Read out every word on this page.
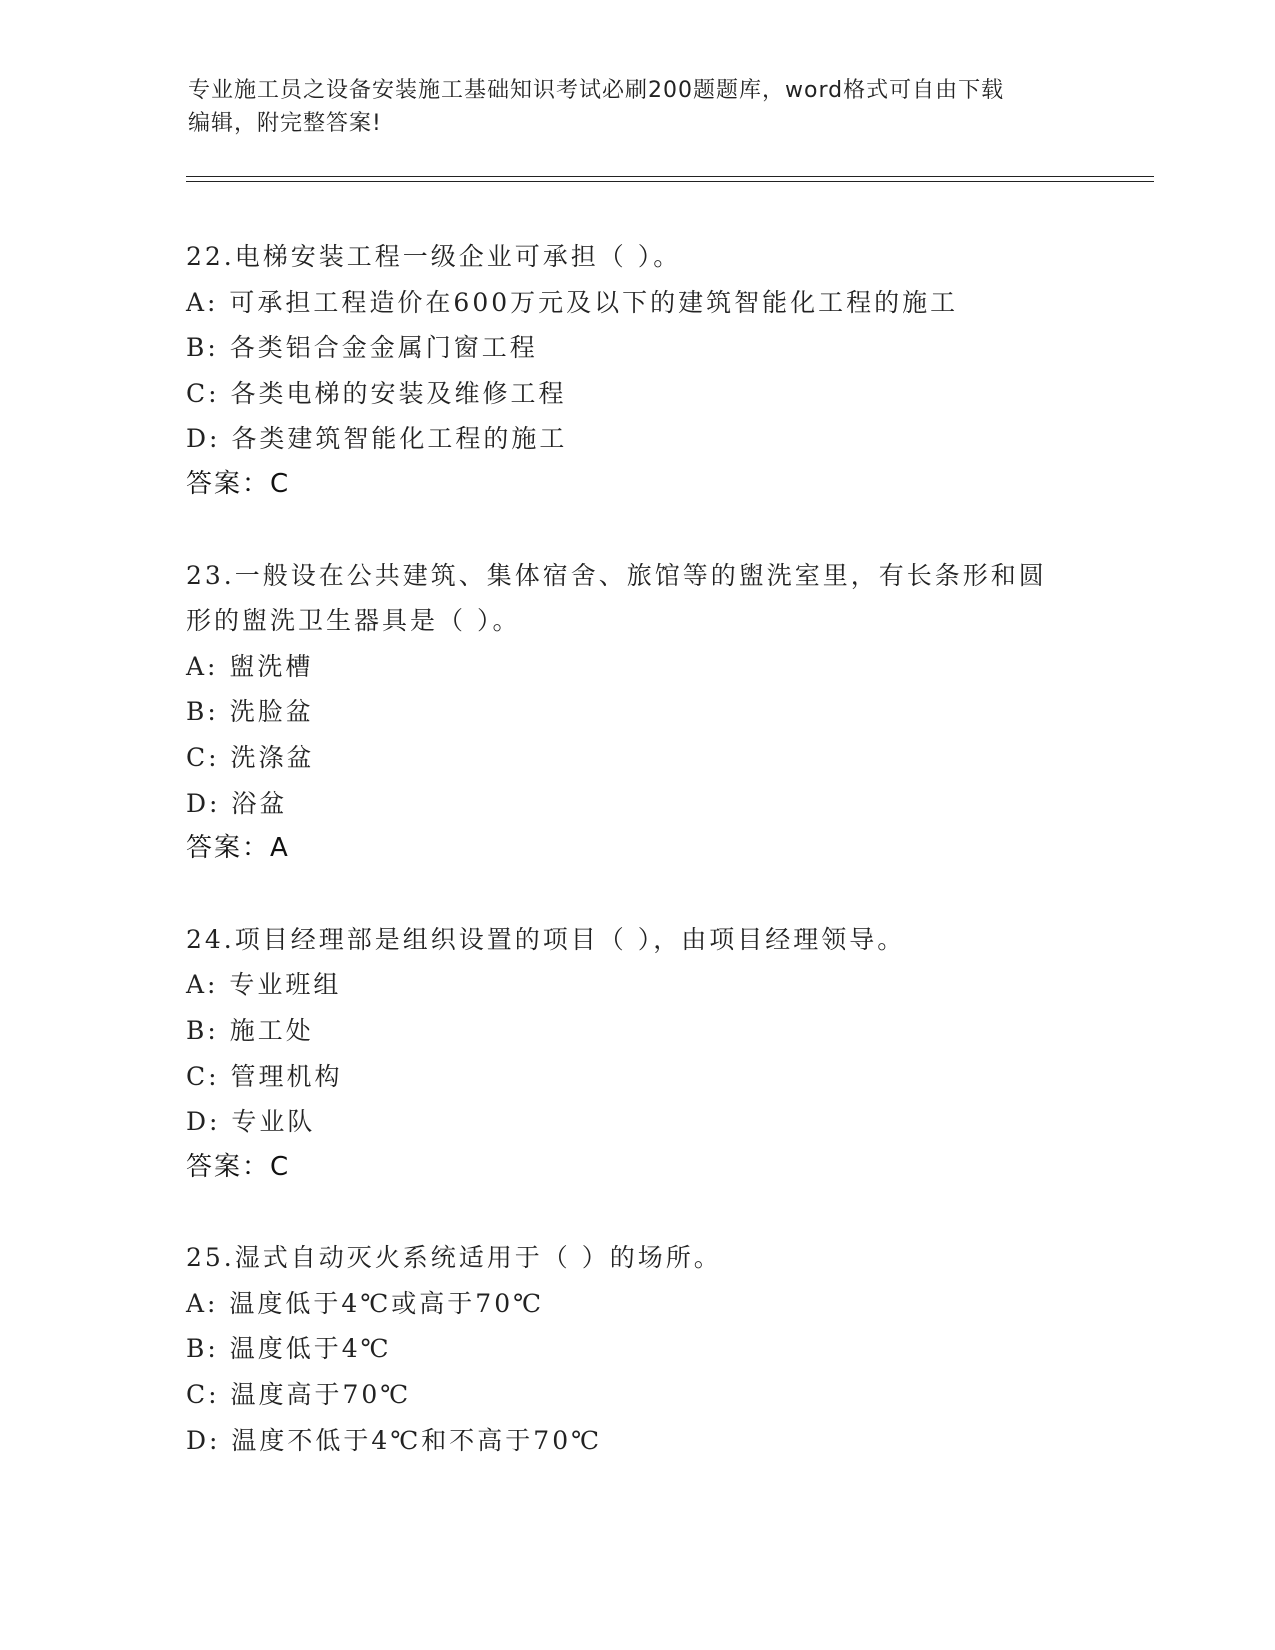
专业施工员之设备安装施工基础知识考试必刷200题题库，word格式可自由下载
编辑，附完整答案!
22.电梯安装工程一级企业可承担（ ）。
A: 可承担工程造价在600万元及以下的建筑智能化工程的施工
B: 各类铝合金金属门窗工程
C: 各类电梯的安装及维修工程
D: 各类建筑智能化工程的施工
答案：C
23.一般设在公共建筑、集体宿舍、旅馆等的盥洗室里，有长条形和圆
形的盥洗卫生器具是（ ）。
A: 盥洗槽
B: 洗脸盆
C: 洗涤盆
D: 浴盆
答案：A
24.项目经理部是组织设置的项目（ ），由项目经理领导。
A: 专业班组
B: 施工处
C: 管理机构
D: 专业队
答案：C
25.湿式自动灭火系统适用于（ ）的场所。
A: 温度低于4℃或高于70℃
B: 温度低于4℃
C: 温度高于70℃
D: 温度不低于4℃和不高于70℃
